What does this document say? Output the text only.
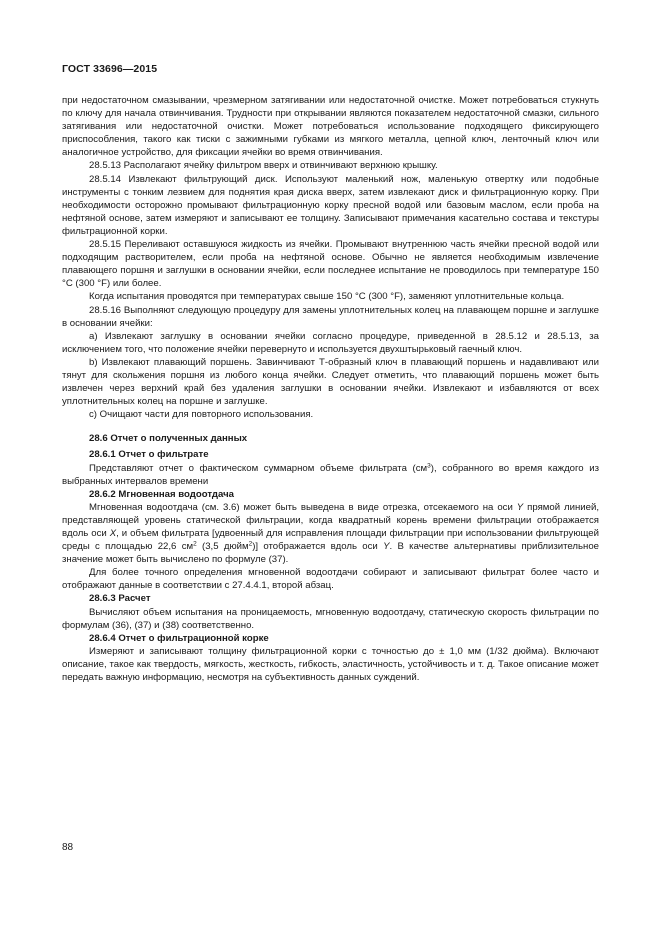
ГОСТ 33696—2015

при недостаточном смазывании, чрезмерном затягивании или недостаточной очистке. Может потребоваться стукнуть по ключу для начала отвинчивания. Трудности при открывании являются показателем недостаточной смазки, сильного затягивания или недостаточной очистки. Может потребоваться использование подходящего фиксирующего приспособления, такого как тиски с зажимными губками из мягкого металла, цепной ключ, ленточный ключ или аналогичное устройство, для фиксации ячейки во время отвинчивания.

28.5.13 Располагают ячейку фильтром вверх и отвинчивают верхнюю крышку.

28.5.14 Извлекают фильтрующий диск. Используют маленький нож, маленькую отвертку или подобные инструменты с тонким лезвием для поднятия края диска вверх, затем извлекают диск и фильтрационную корку. При необходимости осторожно промывают фильтрационную корку пресной водой или базовым маслом, если проба на нефтяной основе, затем измеряют и записывают ее толщину. Записывают примечания касательно состава и текстуры фильтрационной корки.

28.5.15 Переливают оставшуюся жидкость из ячейки. Промывают внутреннюю часть ячейки пресной водой или подходящим растворителем, если проба на нефтяной основе. Обычно не является необходимым извлечение плавающего поршня и заглушки в основании ячейки, если последнее испытание не проводилось при температуре 150 °С (300 °F) или более.

Когда испытания проводятся при температурах свыше 150 °С (300 °F), заменяют уплотнительные кольца.

28.5.16 Выполняют следующую процедуру для замены уплотнительных колец на плавающем поршне и заглушке в основании ячейки:

а) Извлекают заглушку в основании ячейки согласно процедуре, приведенной в 28.5.12 и 28.5.13, за исключением того, что положение ячейки перевернуто и используется двухштырьковый гаечный ключ.

b) Извлекают плавающий поршень. Завинчивают Т-образный ключ в плавающий поршень и надавливают или тянут для скольжения поршня из любого конца ячейки. Следует отметить, что плавающий поршень может быть извлечен через верхний край без удаления заглушки в основании ячейки. Извлекают и избавляются от всех уплотнительных колец на поршне и заглушке.

с) Очищают части для повторного использования.

28.6 Отчет о полученных данных
28.6.1 Отчет о фильтрате

Представляют отчет о фактическом суммарном объеме фильтрата $(см^3)$, собранного во время каждого из выбранных интервалов времени

28.6.2 Мгновенная водоотдача

Мгновенная водоотдача (см. 3.6) может быть выведена в виде отрезка, отсекаемого на оси Y прямой линией, представляющей уровень статической фильтрации, когда квадратный корень времени фильтрации отображается вдоль оси X, и объем фильтрата [удвоенный для исправления площади фильтрации при использовании фильтрующей среды с площадью 22,6 $см^2$ (3,5 дюйм$^2$)] отображается вдоль оси Y. В качестве альтернативы приблизительное значение может быть вычислено по формуле (37).

Для более точного определения мгновенной водоотдачи собирают и записывают фильтрат более часто и отображают данные в соответствии с 27.4.4.1, второй абзац.

28.6.3 Расчет

Вычисляют объем испытания на проницаемость, мгновенную водоотдачу, статическую скорость фильтрации по формулам (36), (37) и (38) соответственно.

28.6.4 Отчет о фильтрационной корке

Измеряют и записывают толщину фильтрационной корки с точностью до ± 1,0 мм (1/32 дюйма). Включают описание, такое как твердость, мягкость, жесткость, гибкость, эластичность, устойчивость и т. д. Такое описание может передать важную информацию, несмотря на субъективность данных суждений.

88
